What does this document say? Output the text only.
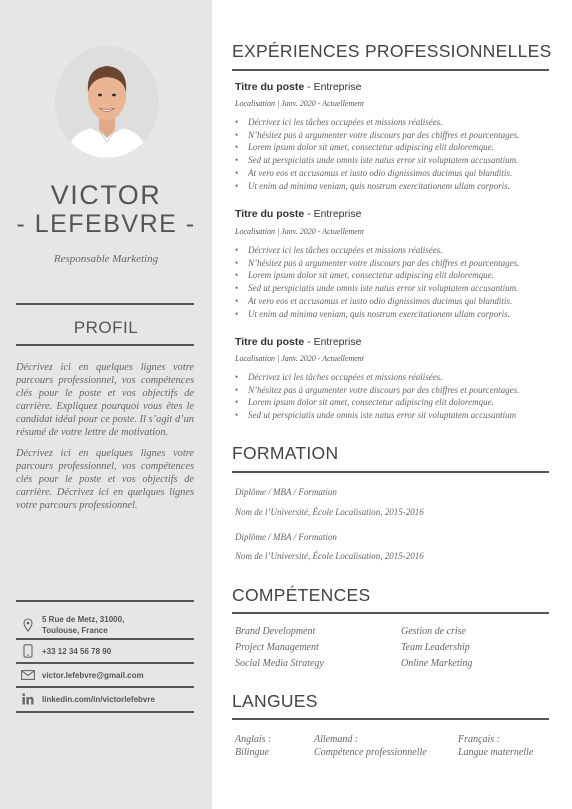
VICTOR
- LEFEBVRE -
Responsable Marketing
PROFIL

Décrivez ici en quelques lignes votre parcours professionnel, vos compétences clés pour le poste et vos objectifs de carrière. Expliquez pourquoi vous êtes le candidat idéal pour ce poste. Il s’agit d’un résumé de votre lettre de motivation.

Décrivez ici en quelques lignes votre parcours professionnel, vos compétences clés pour le poste et vos objectifs de carrière. Décrivez ici en quelques lignes votre parcours professionnel.

5 Rue de Metz, 31000,
Toulouse, France
+33 12 34 56 78 90
victor.lefebvre@gmail.com
linkedin.com/in/victorlefebvre
EXPÉRIENCES PROFESSIONNELLES
Titre du poste - Entreprise
Localisation | Janv. 2020 - Actuellement
• Décrivez ici les tâches occupées et missions réalisées.
• N’hésitez pas à argumenter votre discours par des chiffres et pourcentages.
• Lorem ipsum dolor sit amet, consectetur adipiscing elit doloremque.
• Sed ut perspiciatis unde omnis iste natus error sit voluptatem accusantium.
• At vero eos et accusamus et iusto odio dignissimos ducimus qui blanditis.
• Ut enim ad minima veniam, quis nostrum exercitationem ullam corporis.
Titre du poste - Entreprise
Localisation | Janv. 2020 - Actuellement
• Décrivez ici les tâches occupées et missions réalisées.
• N’hésitez pas à argumenter votre discours par des chiffres et pourcentages.
• Lorem ipsum dolor sit amet, consectetur adipiscing elit doloremque.
• Sed ut perspiciatis unde omnis iste natus error sit voluptatem accusantium.
• At vero eos et accusamus et iusto odio dignissimos ducimus qui blanditis.
• Ut enim ad minima veniam, quis nostrum exercitationem ullam corporis.
Titre du poste - Entreprise
Localisation | Janv. 2020 - Actuellement
• Décrivez ici les tâches occupées et missions réalisées.
• N’hésitez pas à argumenter votre discours par des chiffres et pourcentages.
• Lorem ipsum dolor sit amet, consectetur adipiscing elit doloremque.
• Sed ut perspiciatis unde omnis iste natus error sit voluptatem accusantium
FORMATION
Diplôme / MBA / Formation
Nom de l’Université, École Localisation, 2015-2016
Diplôme / MBA / Formation
Nom de l’Université, École Localisation, 2015-2016
COMPÉTENCES
Brand Development
Project Management
Social Media Strategy
Gestion de crise
Team Leadership
Online Marketing
LANGUES
Anglais :
Bilingue
Allemand :
Compétence professionnelle
Français :
Langue maternelle
